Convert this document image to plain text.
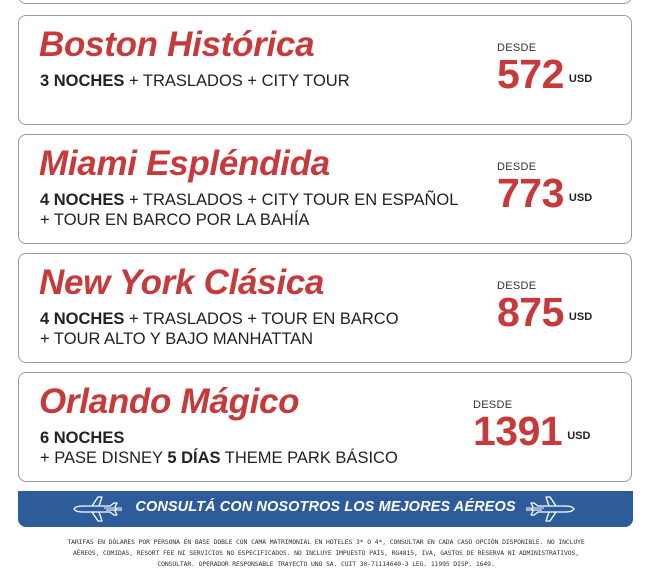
Boston Histórica
3 NOCHES + TRASLADOS + CITY TOUR
DESDE
572 USD
Miami Espléndida
4 NOCHES + TRASLADOS + CITY TOUR EN ESPAÑOL
+ TOUR EN BARCO POR LA BAHÍA
DESDE
773 USD
New York Clásica
4 NOCHES + TRASLADOS + TOUR EN BARCO
+ TOUR ALTO Y BAJO MANHATTAN
DESDE
875 USD
Orlando Mágico
6 NOCHES
+ PASE DISNEY 5 DÍAS THEME PARK BÁSICO
DESDE
1391 USD
CONSULTÁ CON NOSOTROS LOS MEJORES AÉREOS
TARIFAS EN DÓLARES POR PERSONA EN BASE DOBLE CON CAMA MATRIMONIAL EN HOTELES 3* O 4*, CONSULTAR EN CADA CASO OPCIÓN DISPONIBLE. NO INCLUYE
AÉREOS, COMIDAS, RESORT FEE NI SERVICIOS NO ESPECIFICADOS. NO INCLUYE IMPUESTO PAÍS, RG4815, IVA, GASTOS DE RESERVA NI ADMINISTRATIVOS,
CONSULTAR. OPERADOR RESPONSABLE TRAYECTO UNO SA. CUIT 30-71114640-3 LEG. 11995 DISP. 1649.
